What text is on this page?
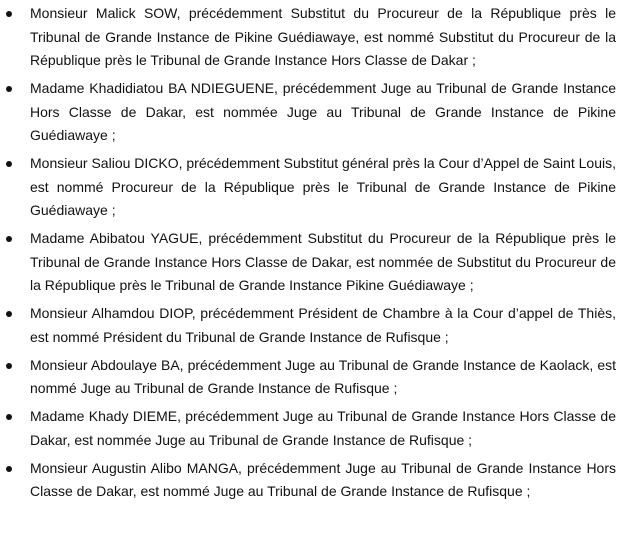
Monsieur Malick SOW, précédemment Substitut du Procureur de la République près le Tribunal de Grande Instance de Pikine Guédiawaye, est nommé Substitut du Procureur de la République près le Tribunal de Grande Instance Hors Classe de Dakar ;
Madame Khadidiatou BA NDIEGUENE, précédemment Juge au Tribunal de Grande Instance Hors Classe de Dakar, est nommée Juge au Tribunal de Grande Instance de Pikine Guédiawaye ;
Monsieur Saliou DICKO, précédemment Substitut général près la Cour d’Appel de Saint Louis, est nommé Procureur de la République près le Tribunal de Grande Instance de Pikine Guédiawaye ;
Madame Abibatou YAGUE, précédemment Substitut du Procureur de la République près le Tribunal de Grande Instance Hors Classe de Dakar, est nommée de Substitut du Procureur de la République près le Tribunal de Grande Instance Pikine Guédiawaye ;
Monsieur Alhamdou DIOP, précédemment Président de Chambre à la Cour d’appel de Thiès, est nommé Président du Tribunal de Grande Instance de Rufisque ;
Monsieur Abdoulaye BA, précédemment Juge au Tribunal de Grande Instance de Kaolack, est nommé Juge au Tribunal de Grande Instance de Rufisque ;
Madame Khady DIEME, précédemment Juge au Tribunal de Grande Instance Hors Classe de Dakar, est nommée Juge au Tribunal de Grande Instance de Rufisque ;
Monsieur Augustin Alibo MANGA, précédemment Juge au Tribunal de Grande Instance Hors Classe de Dakar, est nommé Juge au Tribunal de Grande Instance de Rufisque ;
